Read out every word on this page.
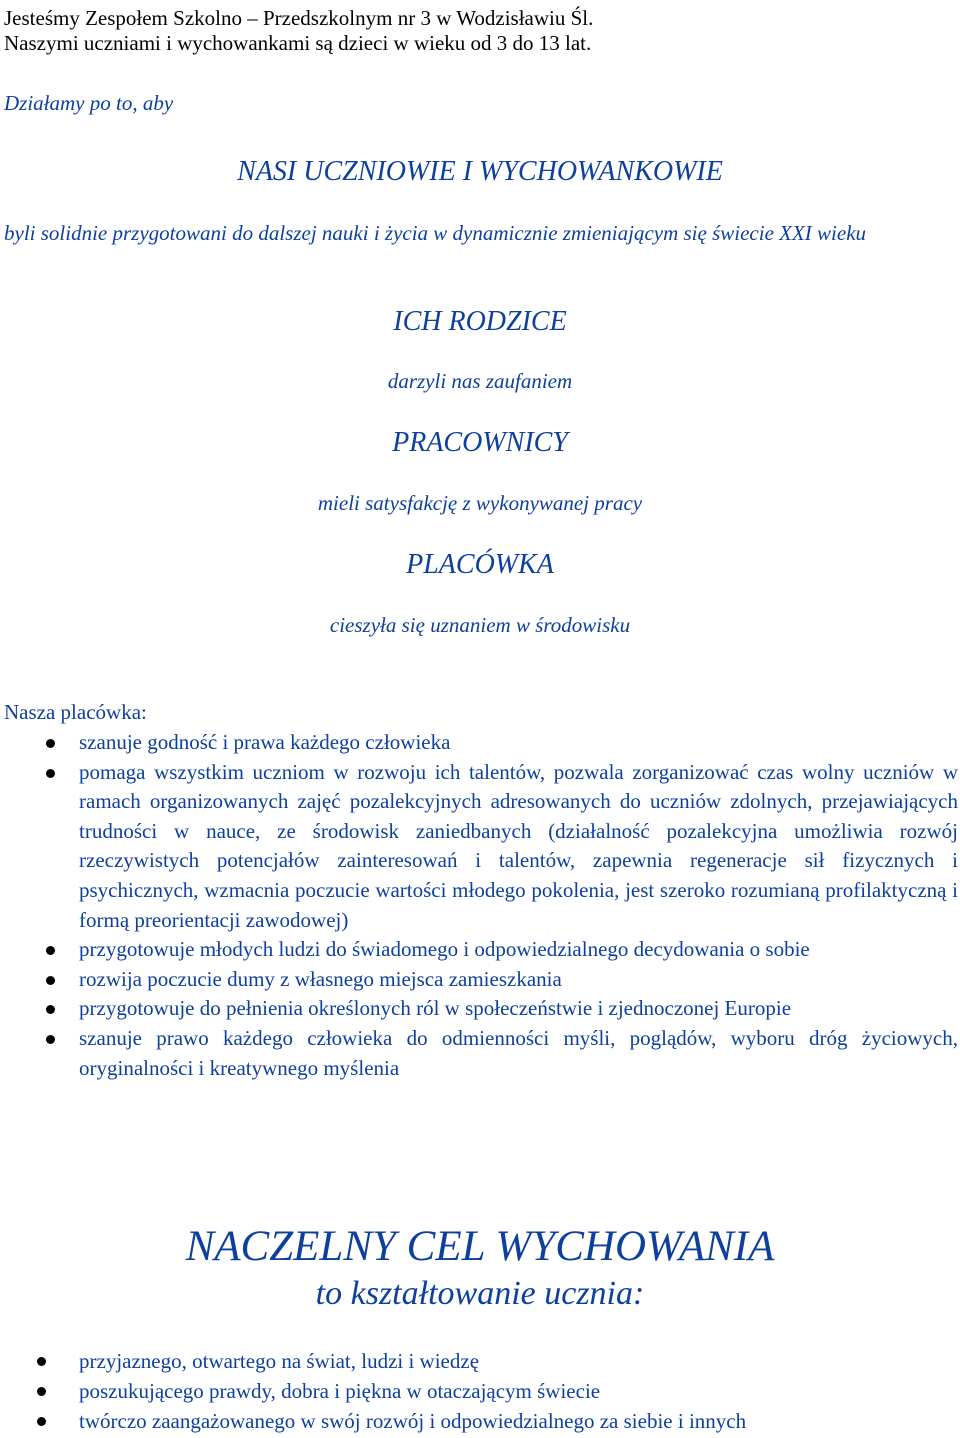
Jesteśmy Zespołem Szkolno – Przedszkolnym nr 3 w Wodzisławiu Śl.

Naszymi uczniami i wychowankami są dzieci w wieku od 3 do 13 lat.

Działamy po to, aby

NASI UCZNIOWIE I WYCHOWANKOWIE

byli solidnie przygotowani do dalszej nauki i życia w dynamicznie zmieniającym się świecie XXI wieku

ICH RODZICE

darzyli nas zaufaniem

PRACOWNICY

mieli satysfakcję z wykonywanej pracy

PLACÓWKA

cieszyła się uznaniem w środowisku

Nasza placówka:

szanuje godność i prawa każdego człowieka
pomaga wszystkim uczniom w rozwoju ich talentów, pozwala zorganizować czas wolny uczniów w ramach organizowanych zajęć pozalekcyjnych adresowanych do uczniów zdolnych, przejawiających trudności w nauce, ze środowisk zaniedbanych (działalność pozalekcyjna umożliwia rozwój rzeczywistych potencjałów zainteresowań i talentów, zapewnia regeneracje sił fizycznych i psychicznych, wzmacnia poczucie wartości młodego pokolenia, jest szeroko rozumianą profilaktyczną i formą preorientacji zawodowej)
przygotowuje młodych ludzi do świadomego i odpowiedzialnego decydowania o sobie
rozwija poczucie dumy z własnego miejsca zamieszkania
przygotowuje do pełnienia określonych ról w społeczeństwie i zjednoczonej Europie
szanuje prawo każdego człowieka do odmienności myśli, poglądów, wyboru dróg życiowych, oryginalności i kreatywnego myślenia

NACZELNY CEL WYCHOWANIA

to kształtowanie ucznia:

przyjaznego, otwartego na świat, ludzi i wiedzę
poszukującego prawdy, dobra i piękna w otaczającym świecie
twórczo zaangażowanego w swój rozwój i odpowiedzialnego za siebie i innych
